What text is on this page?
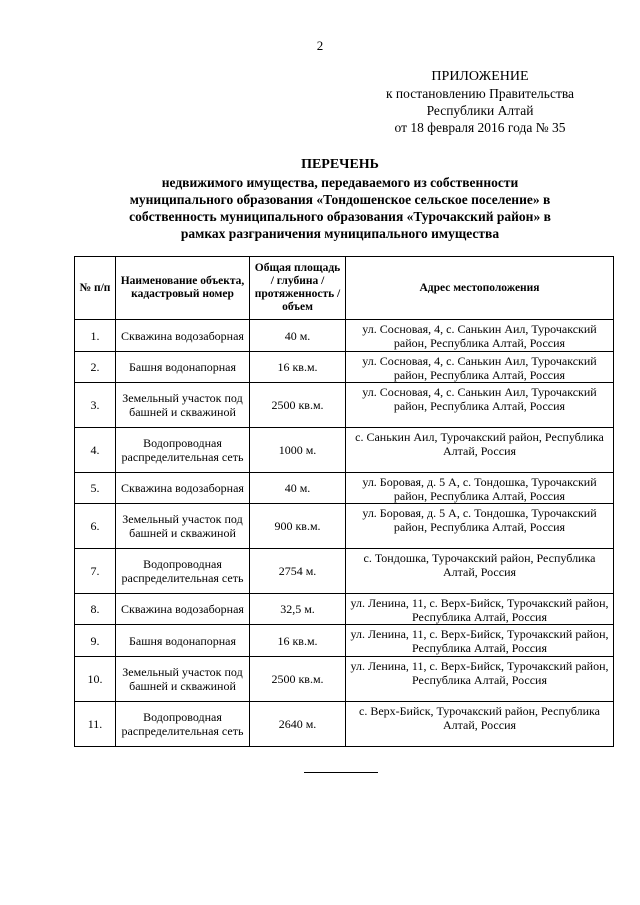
2
ПРИЛОЖЕНИЕ
к постановлению Правительства
Республики Алтай
от 18 февраля 2016 года № 35
ПЕРЕЧЕНЬ
недвижимого имущества, передаваемого из собственности
муниципального образования «Тондошенское сельское поселение» в
собственность муниципального образования «Турочакский район» в
рамках разграничения муниципального имущества
№ п/п	Наименование объекта, кадастровый номер	Общая площадь / глубина / протяженность / объем	Адрес местоположения
1.	Скважина водозаборная	40 м.	ул. Сосновая, 4, с. Санькин Аил, Турочакский район, Республика Алтай, Россия
2.	Башня водонапорная	16 кв.м.	ул. Сосновая, 4, с. Санькин Аил, Турочакский район, Республика Алтай, Россия
3.	Земельный участок под башней и скважиной	2500 кв.м.	ул. Сосновая, 4, с. Санькин Аил, Турочакский район, Республика Алтай, Россия
4.	Водопроводная распределительная сеть	1000 м.	с. Санькин Аил, Турочакский район, Республика Алтай, Россия
5.	Скважина водозаборная	40 м.	ул. Боровая, д. 5 А, с. Тондошка, Турочакский район, Республика Алтай, Россия
6.	Земельный участок под башней и скважиной	900 кв.м.	ул. Боровая, д. 5 А, с. Тондошка, Турочакский район, Республика Алтай, Россия
7.	Водопроводная распределительная сеть	2754 м.	с. Тондошка, Турочакский район, Республика Алтай, Россия
8.	Скважина водозаборная	32,5 м.	ул. Ленина, 11, с. Верх-Бийск, Турочакский район, Республика Алтай, Россия
9.	Башня водонапорная	16 кв.м.	ул. Ленина, 11, с. Верх-Бийск, Турочакский район, Республика Алтай, Россия
10.	Земельный участок под башней и скважиной	2500 кв.м.	ул. Ленина, 11, с. Верх-Бийск, Турочакский район, Республика Алтай, Россия
11.	Водопроводная распределительная сеть	2640 м.	с. Верх-Бийск, Турочакский район, Республика Алтай, Россия
